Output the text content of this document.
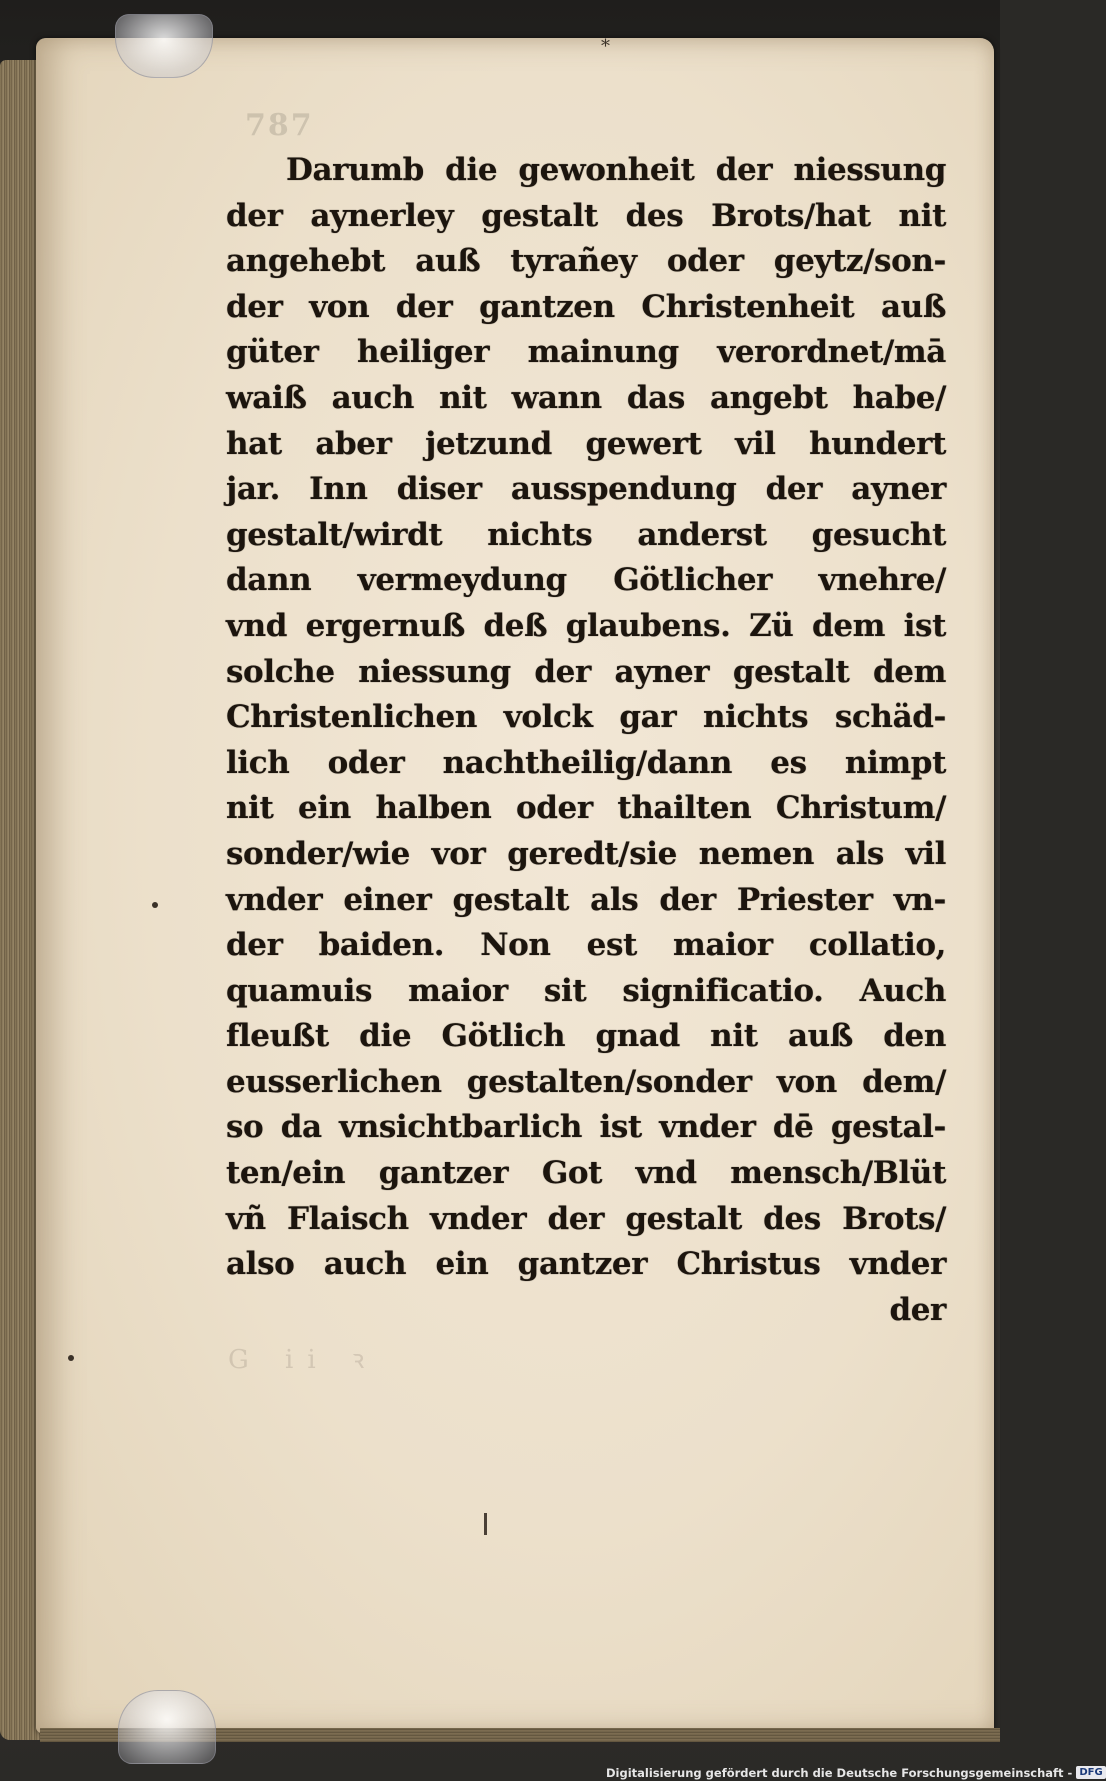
*
787
G ii ꝛ
Darumb die gewonheit der niessung
der aynerley gestalt des Brots/hat nit
angehebt auß tyrañey oder geytz/son-
der von der gantzen Christenheit auß
güter heiliger mainung verordnet/mā
waiß auch nit wann das angebt habe/
hat aber jetzund gewert vil hundert
jar. Inn diser ausspendung der ayner
gestalt/wirdt nichts anderst gesucht
dann vermeydung Götlicher vnehre/
vnd ergernuß deß glaubens. Zü dem ist
solche niessung der ayner gestalt dem
Christenlichen volck gar nichts schäd-
lich oder nachtheilig/dann es nimpt
nit ein halben oder thailten Christum/
sonder/wie vor geredt/sie nemen als vil
vnder einer gestalt als der Priester vn-
der baiden. Non est maior collatio,
quamuis maior sit significatio. Auch
fleußt die Götlich gnad nit auß den
eusserlichen gestalten/sonder von dem/
so da vnsichtbarlich ist vnder dē gestal-
ten/ein gantzer Got vnd mensch/Blüt
vñ Flaisch vnder der gestalt des Brots/
also auch ein gantzer Christus vnder
der
Digitalisierung gefördert durch die Deutsche Forschungsgemeinschaft - DFG
